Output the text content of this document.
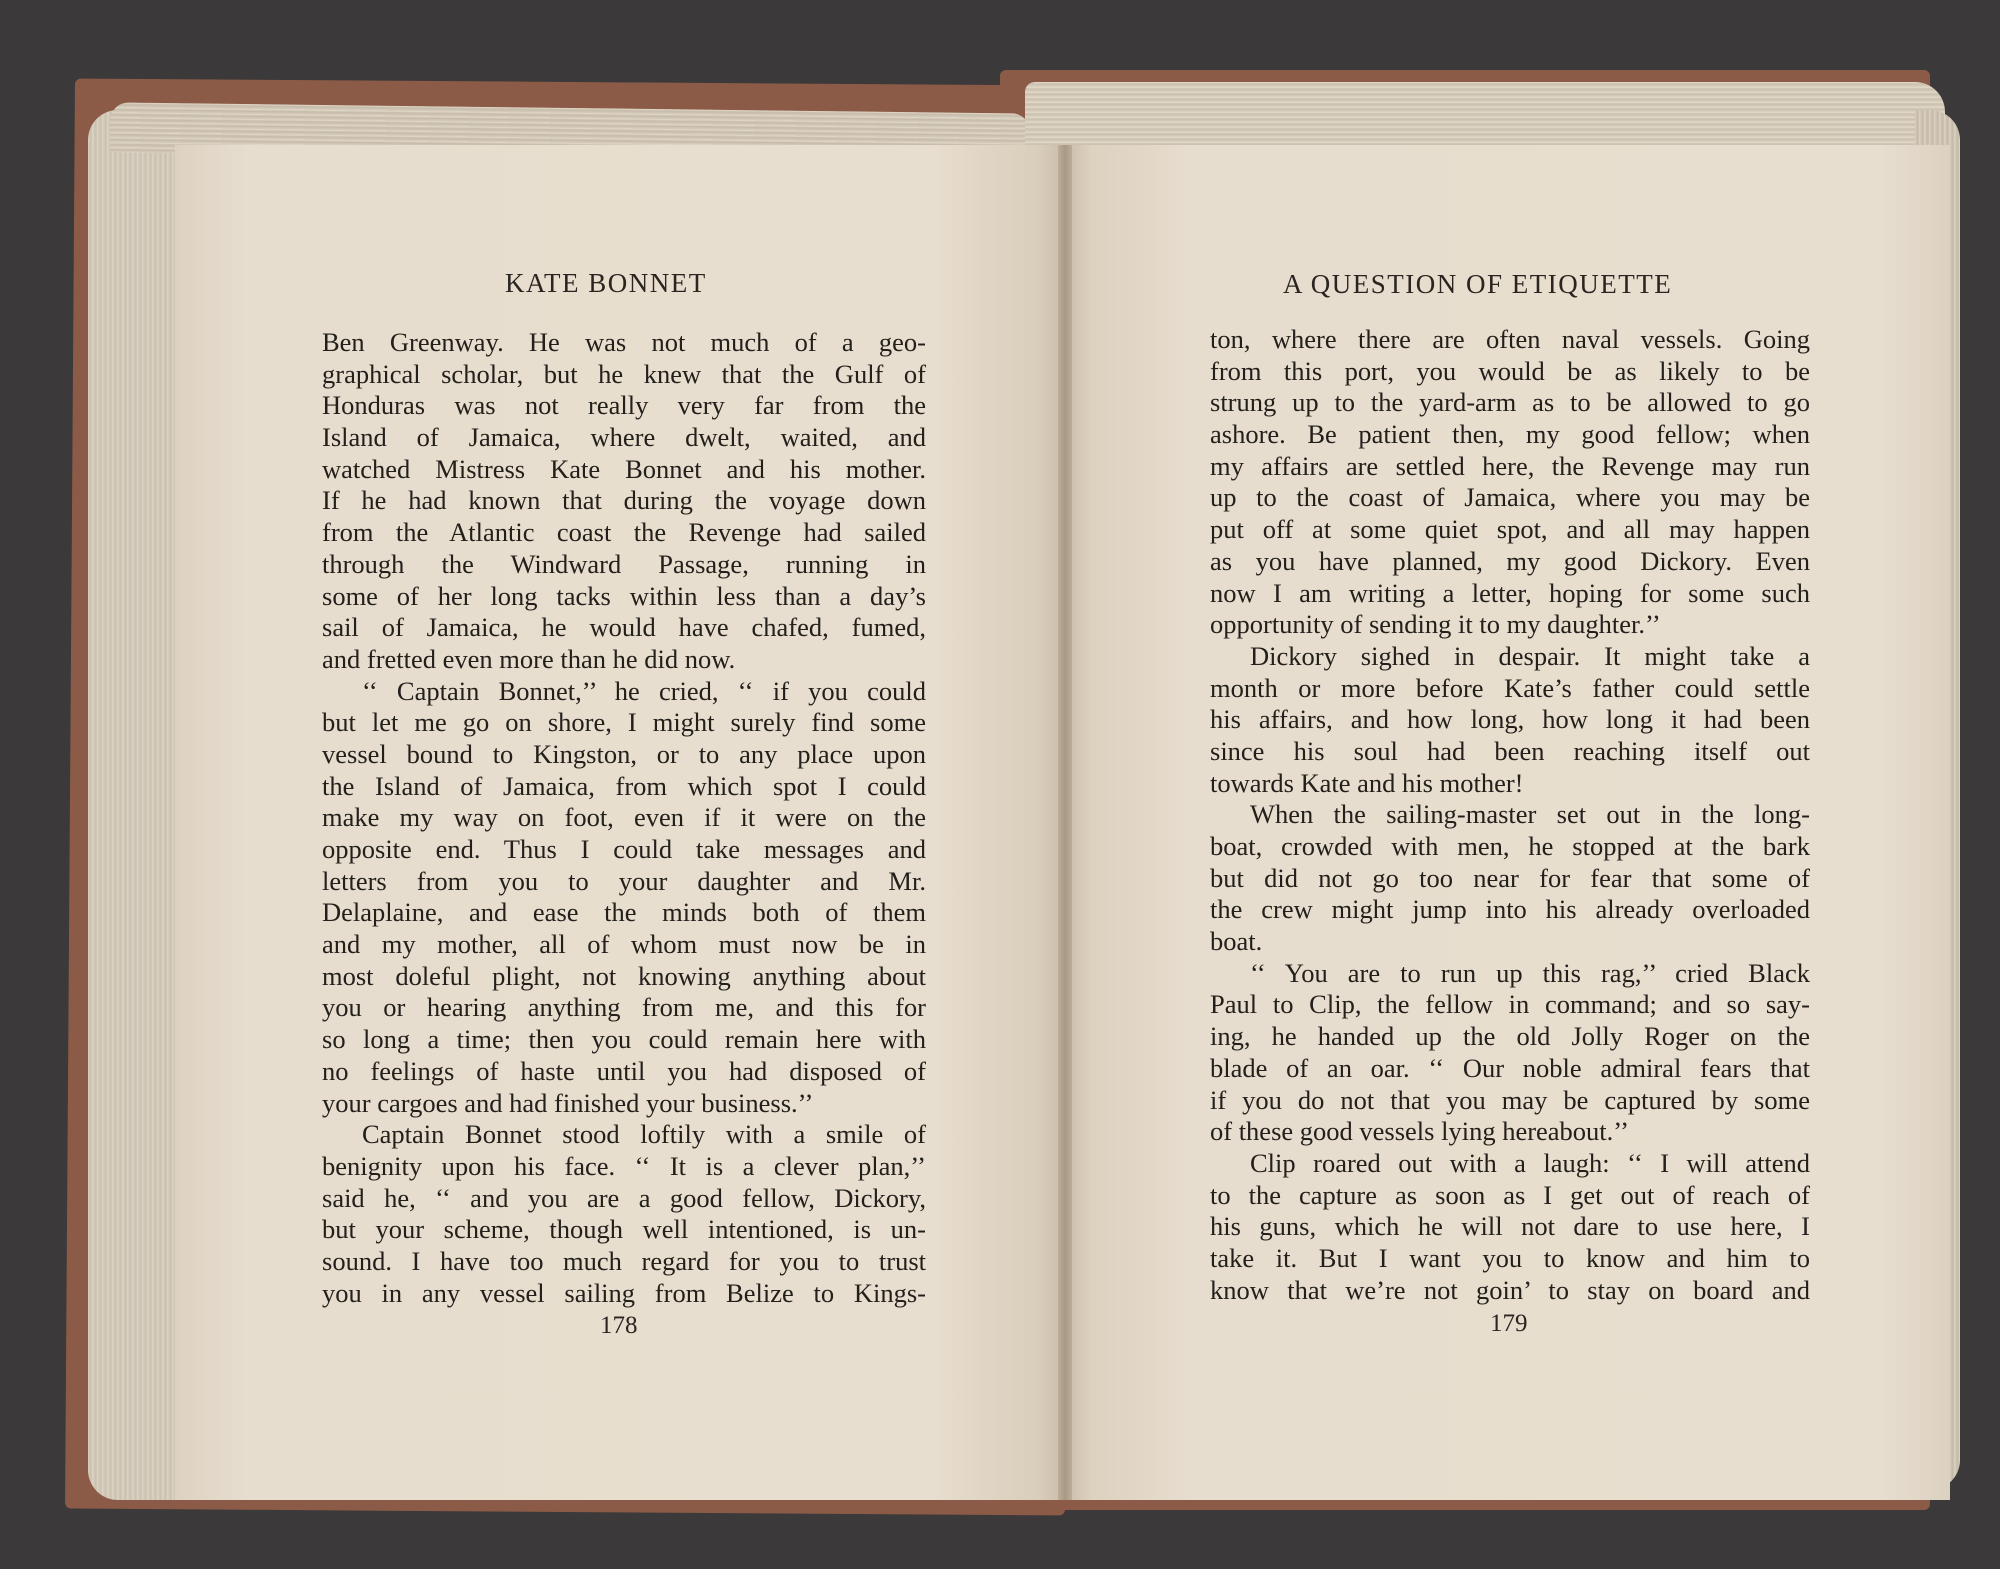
KATE BONNET	A QUESTION OF ETIQUETTE
Ben Greenway. He was not much of a geo-
graphical scholar, but he knew that the Gulf of
Honduras was not really very far from the
Island of Jamaica, where dwelt, waited, and
watched Mistress Kate Bonnet and his mother.
If he had known that during the voyage down
from the Atlantic coast the Revenge had sailed
through the Windward Passage, running in
some of her long tacks within less than a day’s
sail of Jamaica, he would have chafed, fumed,
and fretted even more than he did now.
‘‘ Captain Bonnet,’’ he cried, ‘‘ if you could
but let me go on shore, I might surely find some
vessel bound to Kingston, or to any place upon
the Island of Jamaica, from which spot I could
make my way on foot, even if it were on the
opposite end. Thus I could take messages and
letters from you to your daughter and Mr.
Delaplaine, and ease the minds both of them
and my mother, all of whom must now be in
most doleful plight, not knowing anything about
you or hearing anything from me, and this for
so long a time; then you could remain here with
no feelings of haste until you had disposed of
your cargoes and had finished your business.’’
Captain Bonnet stood loftily with a smile of
benignity upon his face. ‘‘ It is a clever plan,’’
said he, ‘‘ and you are a good fellow, Dickory,
but your scheme, though well intentioned, is un-
sound. I have too much regard for you to trust
you in any vessel sailing from Belize to Kings-
ton, where there are often naval vessels. Going
from this port, you would be as likely to be
strung up to the yard-arm as to be allowed to go
ashore. Be patient then, my good fellow; when
my affairs are settled here, the Revenge may run
up to the coast of Jamaica, where you may be
put off at some quiet spot, and all may happen
as you have planned, my good Dickory. Even
now I am writing a letter, hoping for some such
opportunity of sending it to my daughter.’’
Dickory sighed in despair. It might take a
month or more before Kate’s father could settle
his affairs, and how long, how long it had been
since his soul had been reaching itself out
towards Kate and his mother!
When the sailing-master set out in the long-
boat, crowded with men, he stopped at the bark
but did not go too near for fear that some of
the crew might jump into his already overloaded
boat.
‘‘ You are to run up this rag,’’ cried Black
Paul to Clip, the fellow in command; and so say-
ing, he handed up the old Jolly Roger on the
blade of an oar. ‘‘ Our noble admiral fears that
if you do not that you may be captured by some
of these good vessels lying hereabout.’’
Clip roared out with a laugh: ‘‘ I will attend
to the capture as soon as I get out of reach of
his guns, which he will not dare to use here, I
take it. But I want you to know and him to
know that we’re not goin’ to stay on board and
178	179
